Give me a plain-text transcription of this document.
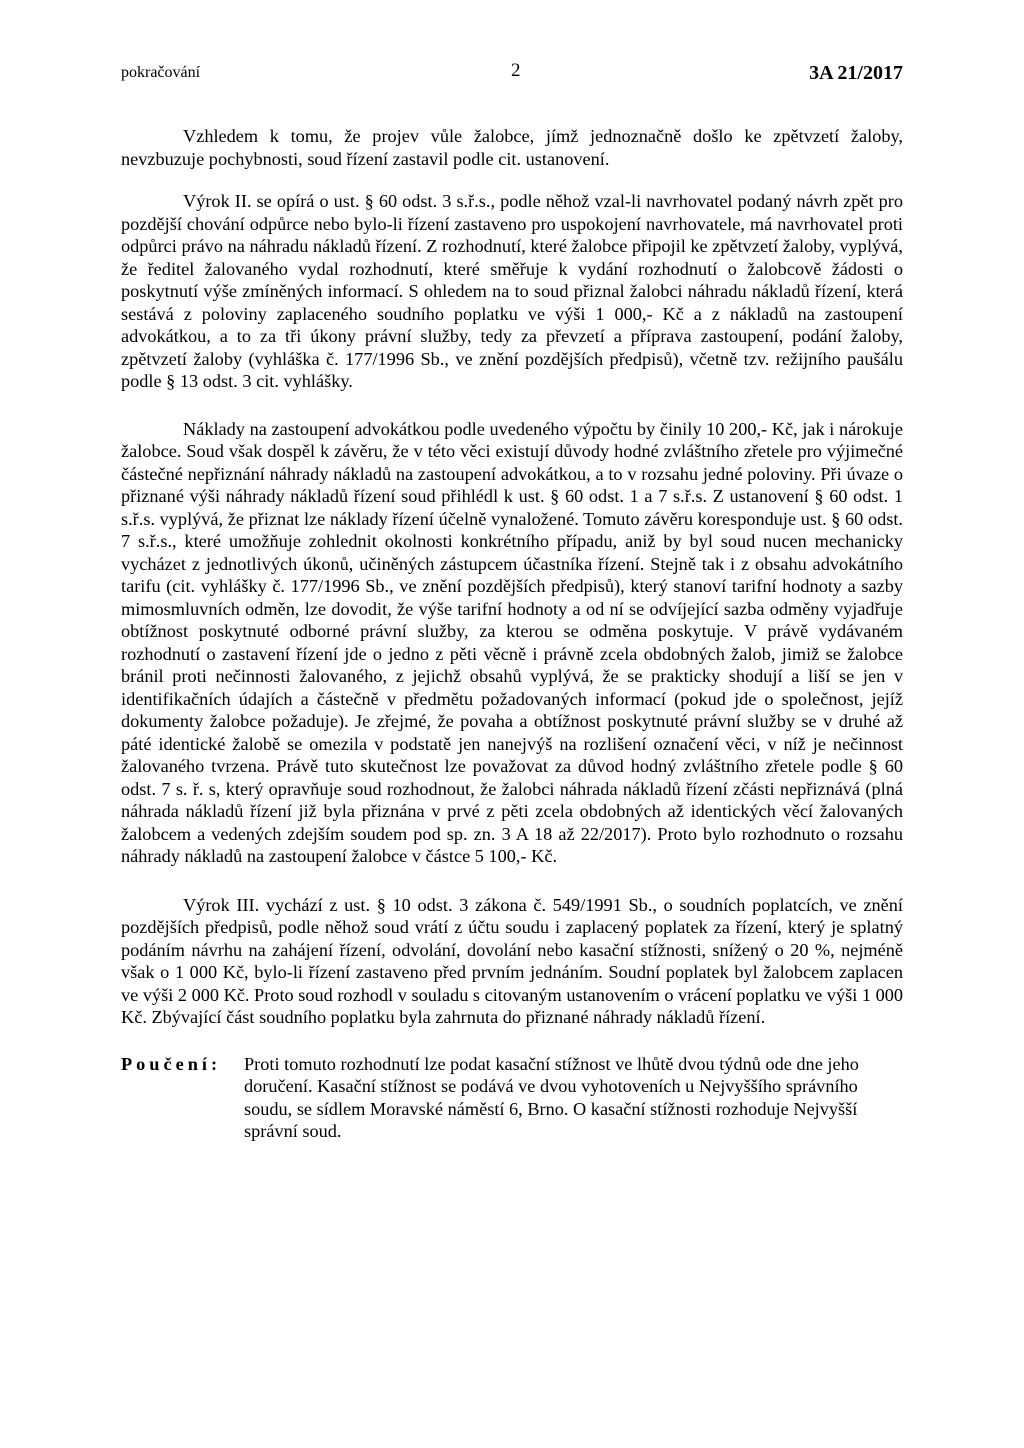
pokračování	2	3A 21/2017

Vzhledem k tomu, že projev vůle žalobce, jímž jednoznačně došlo ke zpětvzetí žaloby, nevzbuzuje pochybnosti, soud řízení zastavil podle cit. ustanovení.

Výrok II. se opírá o ust. § 60 odst. 3 s.ř.s., podle něhož vzal-li navrhovatel podaný návrh zpět pro pozdější chování odpůrce nebo bylo-li řízení zastaveno pro uspokojení navrhovatele, má navrhovatel proti odpůrci právo na náhradu nákladů řízení. Z rozhodnutí, které žalobce připojil ke zpětvzetí žaloby, vyplývá, že ředitel žalovaného vydal rozhodnutí, které směřuje k vydání rozhodnutí o žalobcově žádosti o poskytnutí výše zmíněných informací. S ohledem na to soud přiznal žalobci náhradu nákladů řízení, která sestává z poloviny zaplaceného soudního poplatku ve výši 1 000,- Kč a z nákladů na zastoupení advokátkou, a to za tři úkony právní služby, tedy za převzetí a příprava zastoupení, podání žaloby, zpětvzetí žaloby (vyhláška č. 177/1996 Sb., ve znění pozdějších předpisů), včetně tzv. režijního paušálu podle § 13 odst. 3 cit. vyhlášky.

Náklady na zastoupení advokátkou podle uvedeného výpočtu by činily 10 200,- Kč, jak i nárokuje žalobce. Soud však dospěl k závěru, že v této věci existují důvody hodné zvláštního zřetele pro výjimečné částečné nepřiznání náhrady nákladů na zastoupení advokátkou, a to v rozsahu jedné poloviny. Při úvaze o přiznané výši náhrady nákladů řízení soud přihlédl k ust. § 60 odst. 1 a 7 s.ř.s. Z ustanovení § 60 odst. 1 s.ř.s. vyplývá, že přiznat lze náklady řízení účelně vynaložené. Tomuto závěru koresponduje ust. § 60 odst. 7 s.ř.s., které umožňuje zohlednit okolnosti konkrétního případu, aniž by byl soud nucen mechanicky vycházet z jednotlivých úkonů, učiněných zástupcem účastníka řízení. Stejně tak i z obsahu advokátního tarifu (cit. vyhlášky č. 177/1996 Sb., ve znění pozdějších předpisů), který stanoví tarifní hodnoty a sazby mimosmluvních odměn, lze dovodit, že výše tarifní hodnoty a od ní se odvíjející sazba odměny vyjadřuje obtížnost poskytnuté odborné právní služby, za kterou se odměna poskytuje. V právě vydávaném rozhodnutí o zastavení řízení jde o jedno z pěti věcně i právně zcela obdobných žalob, jimiž se žalobce bránil proti nečinnosti žalovaného, z jejichž obsahů vyplývá, že se prakticky shodují a liší se jen v identifikačních údajích a částečně v předmětu požadovaných informací (pokud jde o společnost, jejíž dokumenty žalobce požaduje). Je zřejmé, že povaha a obtížnost poskytnuté právní služby se v druhé až páté identické žalobě se omezila v podstatě jen nanejvýš na rozlišení označení věci, v níž je nečinnost žalovaného tvrzena. Právě tuto skutečnost lze považovat za důvod hodný zvláštního zřetele podle § 60 odst. 7 s. ř. s, který opravňuje soud rozhodnout, že žalobci náhrada nákladů řízení zčásti nepřiznává (plná náhrada nákladů řízení již byla přiznána v prvé z pěti zcela obdobných až identických věcí žalovaných žalobcem a vedených zdejším soudem pod sp. zn. 3 A 18 až 22/2017). Proto bylo rozhodnuto o rozsahu náhrady nákladů na zastoupení žalobce v částce 5 100,- Kč.

Výrok III. vychází z ust. § 10 odst. 3 zákona č. 549/1991 Sb., o soudních poplatcích, ve znění pozdějších předpisů, podle něhož soud vrátí z účtu soudu i zaplacený poplatek za řízení, který je splatný podáním návrhu na zahájení řízení, odvolání, dovolání nebo kasační stížnosti, snížený o 20 %, nejméně však o 1 000 Kč, bylo-li řízení zastaveno před prvním jednáním. Soudní poplatek byl žalobcem zaplacen ve výši 2 000 Kč. Proto soud rozhodl v souladu s citovaným ustanovením o vrácení poplatku ve výši 1 000 Kč. Zbývající část soudního poplatku byla zahrnuta do přiznané náhrady nákladů řízení.

Poučení:	Proti tomuto rozhodnutí lze podat kasační stížnost ve lhůtě dvou týdnů ode dne jeho doručení. Kasační stížnost se podává ve dvou vyhotoveních u Nejvyššího správního soudu, se sídlem Moravské náměstí 6, Brno. O kasační stížnosti rozhoduje Nejvyšší správní soud.
